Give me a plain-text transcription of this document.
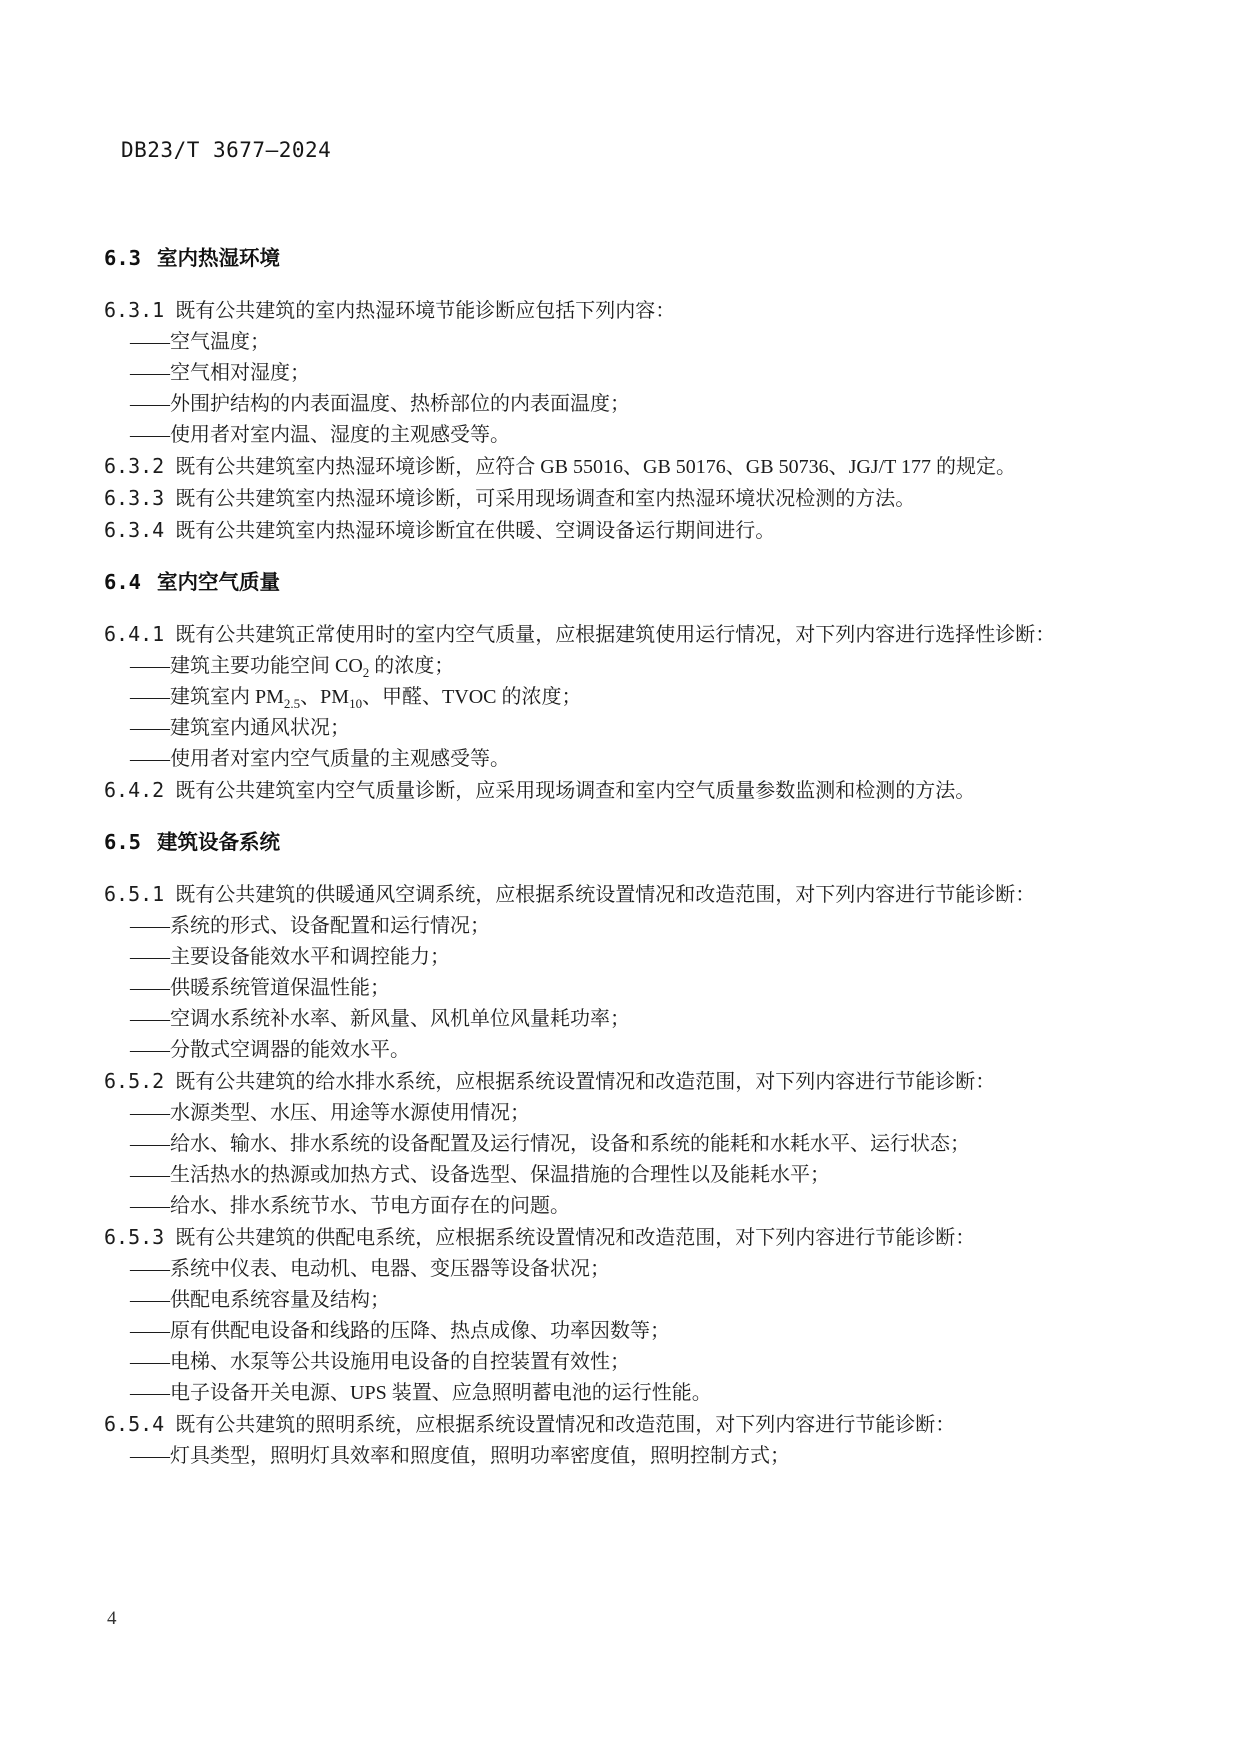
DB23/T 3677—2024
6.3 室内热湿环境

6.3.1 既有公共建筑的室内热湿环境节能诊断应包括下列内容：

——空气温度；

——空气相对湿度；

——外围护结构的内表面温度、热桥部位的内表面温度；

——使用者对室内温、湿度的主观感受等。

6.3.2 既有公共建筑室内热湿环境诊断，应符合 GB 55016、GB 50176、GB 50736、JGJ/T 177 的规定。

6.3.3 既有公共建筑室内热湿环境诊断，可采用现场调查和室内热湿环境状况检测的方法。

6.3.4 既有公共建筑室内热湿环境诊断宜在供暖、空调设备运行期间进行。

6.4 室内空气质量

6.4.1 既有公共建筑正常使用时的室内空气质量，应根据建筑使用运行情况，对下列内容进行选择性诊断：

——建筑主要功能空间 $CO_2$ 的浓度；

——建筑室内 $PM_{2.5}$、$PM_{10}$、甲醛、TVOC 的浓度；

——建筑室内通风状况；

——使用者对室内空气质量的主观感受等。

6.4.2 既有公共建筑室内空气质量诊断，应采用现场调查和室内空气质量参数监测和检测的方法。

6.5 建筑设备系统

6.5.1 既有公共建筑的供暖通风空调系统，应根据系统设置情况和改造范围，对下列内容进行节能诊断：

——系统的形式、设备配置和运行情况；

——主要设备能效水平和调控能力；

——供暖系统管道保温性能；

——空调水系统补水率、新风量、风机单位风量耗功率；

——分散式空调器的能效水平。

6.5.2 既有公共建筑的给水排水系统，应根据系统设置情况和改造范围，对下列内容进行节能诊断：

——水源类型、水压、用途等水源使用情况；

——给水、输水、排水系统的设备配置及运行情况，设备和系统的能耗和水耗水平、运行状态；

——生活热水的热源或加热方式、设备选型、保温措施的合理性以及能耗水平；

——给水、排水系统节水、节电方面存在的问题。

6.5.3 既有公共建筑的供配电系统，应根据系统设置情况和改造范围，对下列内容进行节能诊断：

——系统中仪表、电动机、电器、变压器等设备状况；

——供配电系统容量及结构；

——原有供配电设备和线路的压降、热点成像、功率因数等；

——电梯、水泵等公共设施用电设备的自控装置有效性；

——电子设备开关电源、UPS 装置、应急照明蓄电池的运行性能。

6.5.4 既有公共建筑的照明系统，应根据系统设置情况和改造范围，对下列内容进行节能诊断：

——灯具类型，照明灯具效率和照度值，照明功率密度值，照明控制方式；

4
